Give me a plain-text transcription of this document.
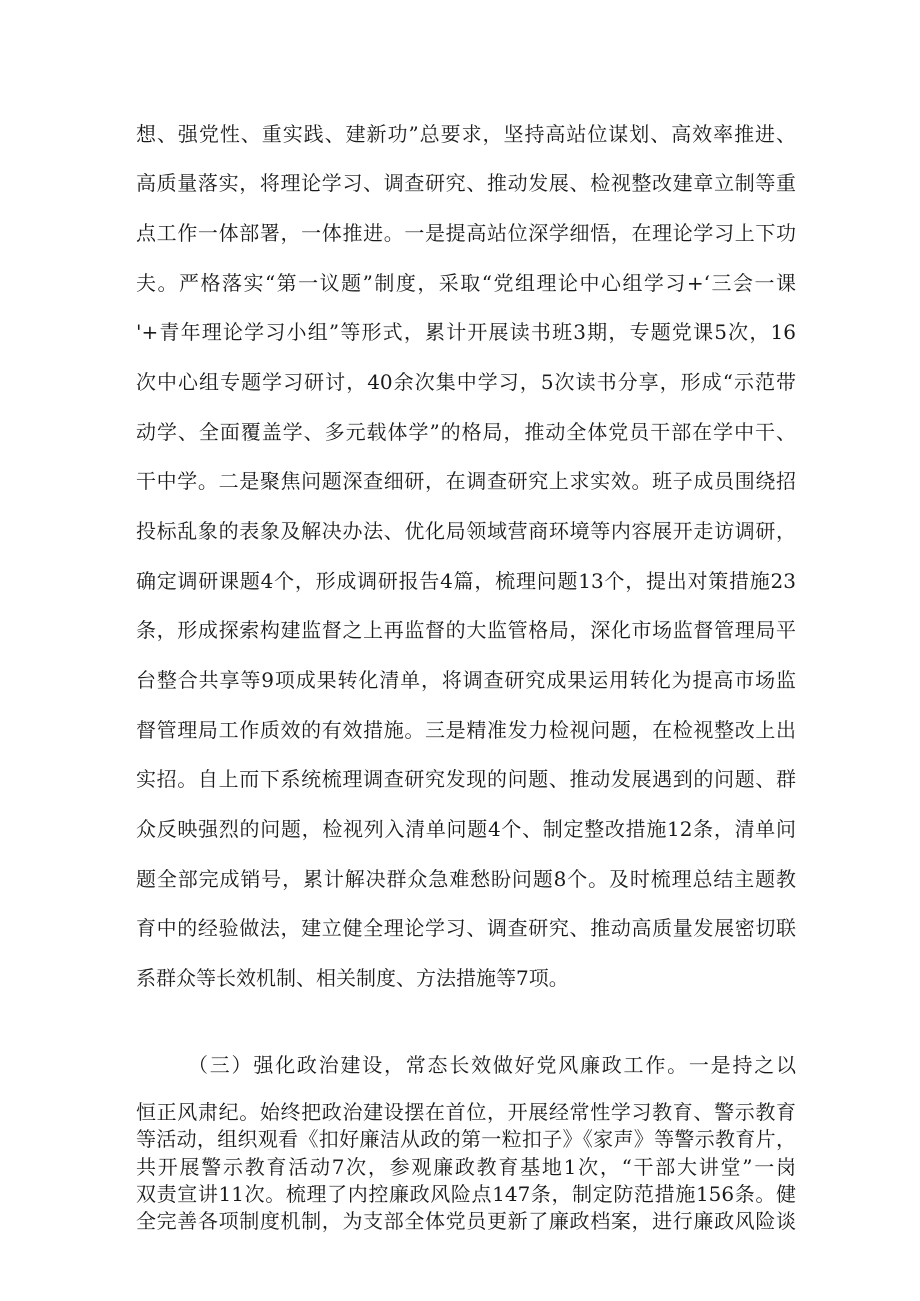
想、强党性、重实践、建新功”总要求，坚持高站位谋划、高效率推进、
高质量落实，将理论学习、调查研究、推动发展、检视整改建章立制等重
点工作一体部署，一体推进。一是提高站位深学细悟，在理论学习上下功
夫。严格落实“第一议题”制度，采取“党组理论中心组学习+‘三会一课
'+青年理论学习小组”等形式，累计开展读书班3期，专题党课5次，16
次中心组专题学习研讨，40余次集中学习，5次读书分享，形成“示范带
动学、全面覆盖学、多元载体学”的格局，推动全体党员干部在学中干、
干中学。二是聚焦问题深查细研，在调查研究上求实效。班子成员围绕招
投标乱象的表象及解决办法、优化局领域营商环境等内容展开走访调研，
确定调研课题4个，形成调研报告4篇，梳理问题13个，提出对策措施23
条，形成探索构建监督之上再监督的大监管格局，深化市场监督管理局平
台整合共享等9项成果转化清单，将调查研究成果运用转化为提高市场监
督管理局工作质效的有效措施。三是精准发力检视问题，在检视整改上出
实招。自上而下系统梳理调查研究发现的问题、推动发展遇到的问题、群
众反映强烈的问题，检视列入清单问题4个、制定整改措施12条，清单问
题全部完成销号，累计解决群众急难愁盼问题8个。及时梳理总结主题教
育中的经验做法，建立健全理论学习、调查研究、推动高质量发展密切联
系群众等长效机制、相关制度、方法措施等7项。
（三）强化政治建设，常态长效做好党风廉政工作。一是持之以
恒正风肃纪。始终把政治建设摆在首位，开展经常性学习教育、警示教育
等活动，组织观看《扣好廉洁从政的第一粒扣子》《家声》等警示教育片，
共开展警示教育活动7次，参观廉政教育基地1次，“干部大讲堂”一岗
双责宣讲11次。梳理了内控廉政风险点147条，制定防范措施156条。健
全完善各项制度机制，为支部全体党员更新了廉政档案，进行廉政风险谈
